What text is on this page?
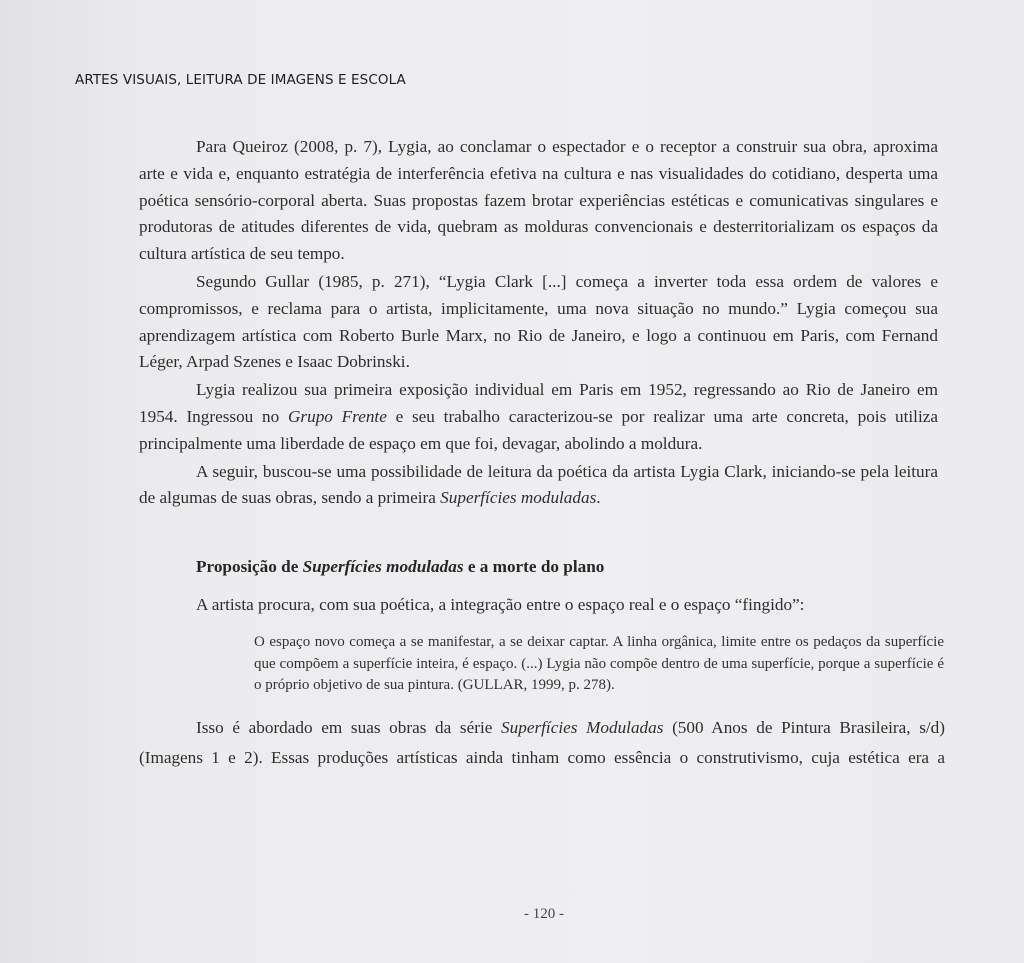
ARTES VISUAIS, LEITURA DE IMAGENS E ESCOLA

Para Queiroz (2008, p. 7), Lygia, ao conclamar o espectador e o receptor a construir sua obra, aproxima arte e vida e, enquanto estratégia de interferência efetiva na cultura e nas visualidades do cotidiano, desperta uma poética sensório-corporal aberta. Suas propostas fazem brotar experiências estéticas e comunicativas singulares e produtoras de atitudes diferentes de vida, quebram as molduras convencionais e desterritorializam os espaços da cultura artística de seu tempo.

Segundo Gullar (1985, p. 271), “Lygia Clark [...] começa a inverter toda essa ordem de valores e compromissos, e reclama para o artista, implicitamente, uma nova situação no mundo.” Lygia começou sua aprendizagem artística com Roberto Burle Marx, no Rio de Janeiro, e logo a continuou em Paris, com Fernand Léger, Arpad Szenes e Isaac Dobrinski.

Lygia realizou sua primeira exposição individual em Paris em 1952, regressando ao Rio de Janeiro em 1954. Ingressou no Grupo Frente e seu trabalho caracterizou-se por realizar uma arte concreta, pois utiliza principalmente uma liberdade de espaço em que foi, devagar, abolindo a moldura.

A seguir, buscou-se uma possibilidade de leitura da poética da artista Lygia Clark, iniciando-se pela leitura de algumas de suas obras, sendo a primeira Superfícies moduladas.

Proposição de Superfícies moduladas e a morte do plano
A artista procura, com sua poética, a integração entre o espaço real e o espaço “fingido”:
O espaço novo começa a se manifestar, a se deixar captar. A linha orgânica, limite entre os pedaços da superfície que compõem a superfície inteira, é espaço. (...) Lygia não compõe dentro de uma superfície, porque a superfície é o próprio objetivo de sua pintura. (GULLAR, 1999, p. 278).

Isso é abordado em suas obras da série Superfícies Moduladas (500 Anos de Pintura Brasileira, s/d) (Imagens 1 e 2). Essas produções artísticas ainda tinham como essência o construtivismo, cuja estética era a

- 120 -
